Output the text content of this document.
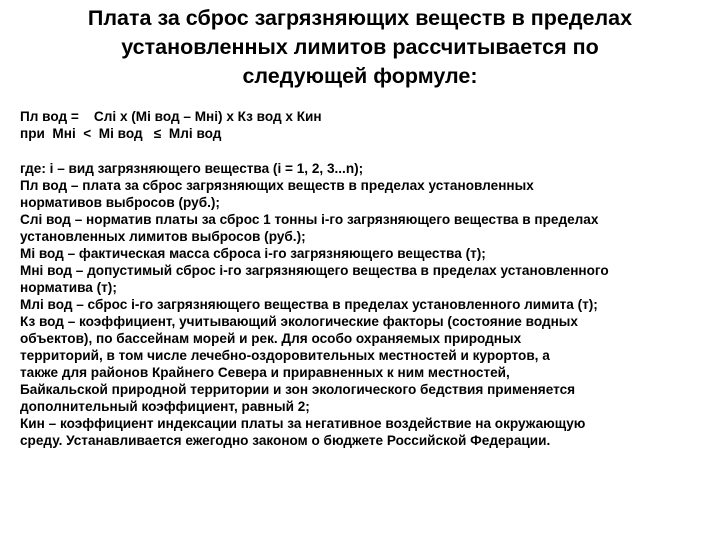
Плата за сброс загрязняющих веществ в пределах
установленных лимитов рассчитывается по
следующей формуле:
Пл вод =    Cлi х (Mi вод – Mнi) х Кз вод х Кин
при  Mнi  <  Mi вод   ≤  Mлi вод
где: i – вид загрязняющего вещества (i = 1, 2, 3...n);
Пл вод – плата за сброс загрязняющих веществ в пределах установленных
нормативов выбросов (руб.);
Cлi вод – норматив платы за сброс 1 тонны i-го загрязняющего вещества в пределах
установленных лимитов выбросов (руб.);
Mi вод – фактическая масса сброса i-го загрязняющего вещества (т);
Mнi вод – допустимый сброс i-го загрязняющего вещества в пределах установленного
норматива (т);
Mлi вод – сброс i-го загрязняющего вещества в пределах установленного лимита (т);
Кз вод – коэффициент, учитывающий экологические факторы (состояние водных
объектов), по бассейнам морей и рек. Для особо охраняемых природных
территорий, в том числе лечебно-оздоровительных местностей и курортов, а
также для районов Крайнего Севера и приравненных к ним местностей,
Байкальской природной территории и зон экологического бедствия применяется
дополнительный коэффициент, равный 2;
Кин – коэффициент индексации платы за негативное воздействие на окружающую
среду. Устанавливается ежегодно законом о бюджете Российской Федерации.
